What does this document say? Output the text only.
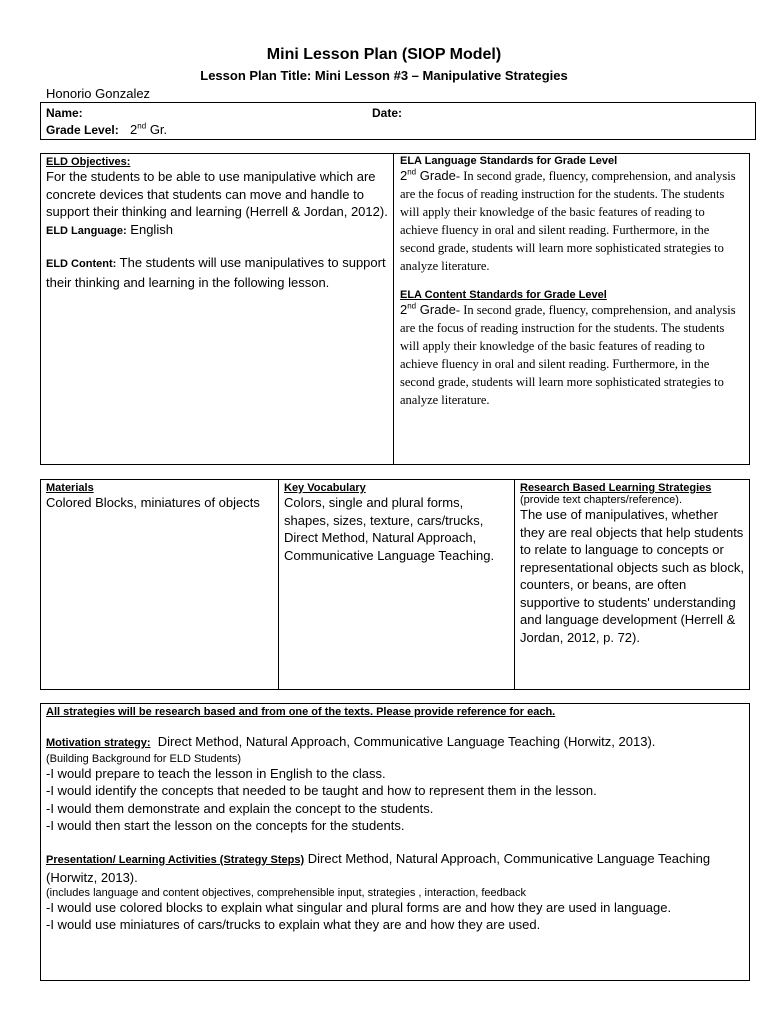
Mini Lesson Plan (SIOP Model)
Lesson Plan Title: Mini Lesson #3 – Manipulative Strategies
Honorio Gonzalez
Name:	Date:
Grade Level: 2nd Gr.

ELD Objectives:

For the students to be able to use manipulative which are concrete devices that students can move and handle to support their thinking and learning (Herrell & Jordan, 2012).

ELD Language: English

ELD Content: The students will use manipulatives to support their thinking and learning in the following lesson.

ELA Language Standards for Grade Level

2nd Grade- In second grade, fluency, comprehension, and analysis are the focus of reading instruction for the students. The students will apply their knowledge of the basic features of reading to achieve fluency in oral and silent reading. Furthermore, in the second grade, students will learn more sophisticated strategies to analyze literature.

ELA Content Standards for Grade Level

2nd Grade- In second grade, fluency, comprehension, and analysis are the focus of reading instruction for the students. The students will apply their knowledge of the basic features of reading to achieve fluency in oral and silent reading. Furthermore, in the second grade, students will learn more sophisticated strategies to analyze literature.

Materials

Colored Blocks, miniatures of objects

Key Vocabulary

Colors, single and plural forms, shapes, sizes, texture, cars/trucks, Direct Method, Natural Approach, Communicative Language Teaching.

Research Based Learning Strategies

(provide text chapters/reference).

The use of manipulatives, whether they are real objects that help students to relate to language to concepts or representational objects such as block, counters, or beans, are often supportive to students' understanding and language development (Herrell & Jordan, 2012, p. 72).

All strategies will be research based and from one of the texts. Please provide reference for each.

Motivation strategy: Direct Method, Natural Approach, Communicative Language Teaching (Horwitz, 2013).

(Building Background for ELD Students)

-I would prepare to teach the lesson in English to the class.

-I would identify the concepts that needed to be taught and how to represent them in the lesson.

-I would them demonstrate and explain the concept to the students.

-I would then start the lesson on the concepts for the students.

Presentation/ Learning Activities (Strategy Steps) Direct Method, Natural Approach, Communicative Language Teaching (Horwitz, 2013).

(includes language and content objectives, comprehensible input, strategies , interaction, feedback

-I would use colored blocks to explain what singular and plural forms are and how they are used in language.

-I would use miniatures of cars/trucks to explain what they are and how they are used.
